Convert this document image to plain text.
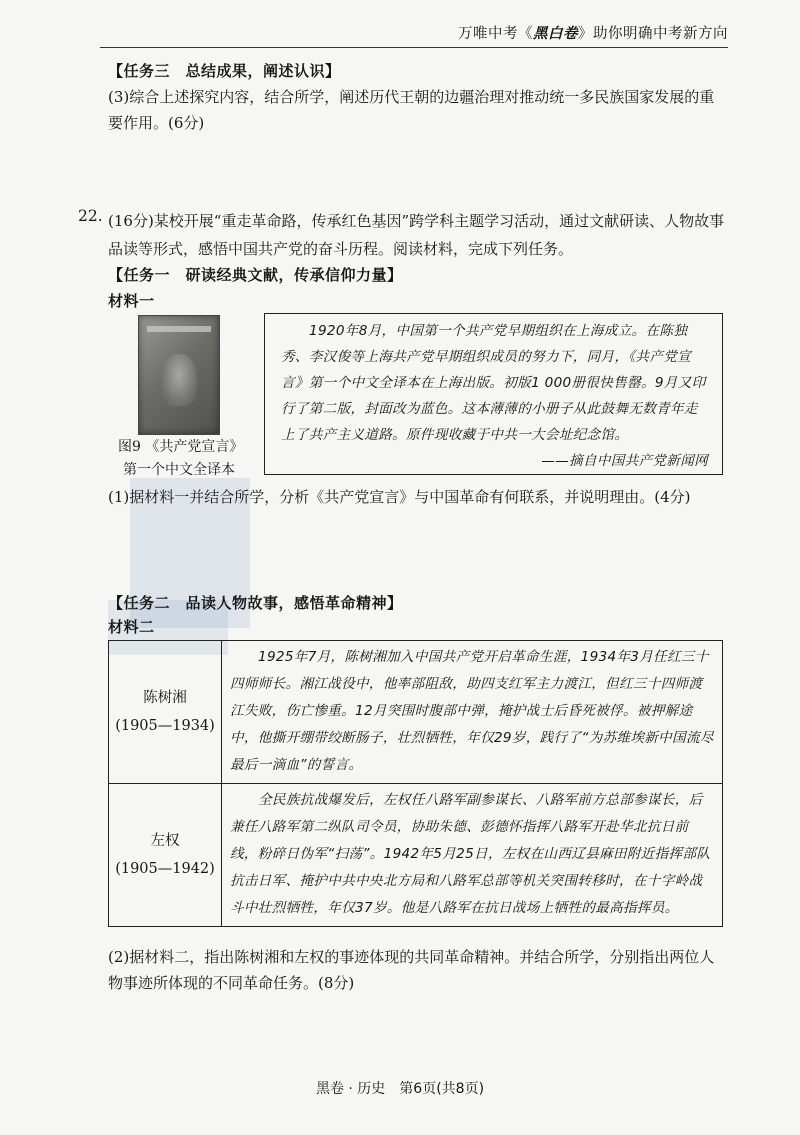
万唯中考《黑白卷》助你明确中考新方向
【任务三　总结成果，阐述认识】
(3)综合上述探究内容，结合所学，阐述历代王朝的边疆治理对推动统一多民族国家发展的重要作用。(6分)
22. (16分)某校开展“重走革命路，传承红色基因”跨学科主题学习活动，通过文献研读、人物故事品读等形式，感悟中国共产党的奋斗历程。阅读材料，完成下列任务。
【任务一　研读经典文献，传承信仰力量】
材料一
图9 《共产党宣言》
第一个中文全译本
1920年8月，中国第一个共产党早期组织在上海成立。在陈独秀、李汉俊等上海共产党早期组织成员的努力下，同月，《共产党宣言》第一个中文全译本在上海出版。初版1 000册很快售罄。9月又印行了第二版，封面改为蓝色。这本薄薄的小册子从此鼓舞无数青年走上了共产主义道路。原件现收藏于中共一大会址纪念馆。
——摘自中国共产党新闻网
(1)据材料一并结合所学，分析《共产党宣言》与中国革命有何联系，并说明理由。(4分)
【任务二　品读人物故事，感悟革命精神】
材料二
陈树湘
(1905—1934)	1925年7月，陈树湘加入中国共产党开启革命生涯，1934年3月任红三十四师师长。湘江战役中，他率部阻敌，助四支红军主力渡江，但红三十四师渡江失败，伤亡惨重。12月突围时腹部中弹，掩护战士后昏死被俘。被押解途中，他撕开绷带绞断肠子，壮烈牺牲，年仅29岁，践行了“为苏维埃新中国流尽最后一滴血”的誓言。

左权
(1905—1942)	全民族抗战爆发后，左权任八路军副参谋长、八路军前方总部参谋长，后兼任八路军第二纵队司令员，协助朱德、彭德怀指挥八路军开赴华北抗日前线，粉碎日伪军“扫荡”。1942年5月25日，左权在山西辽县麻田附近指挥部队抗击日军、掩护中共中央北方局和八路军总部等机关突围转移时，在十字岭战斗中壮烈牺牲，年仅37岁。他是八路军在抗日战场上牺牲的最高指挥员。
(2)据材料二，指出陈树湘和左权的事迹体现的共同革命精神。并结合所学，分别指出两位人物事迹所体现的不同革命任务。(8分)
黑卷 · 历史　第6页(共8页)
